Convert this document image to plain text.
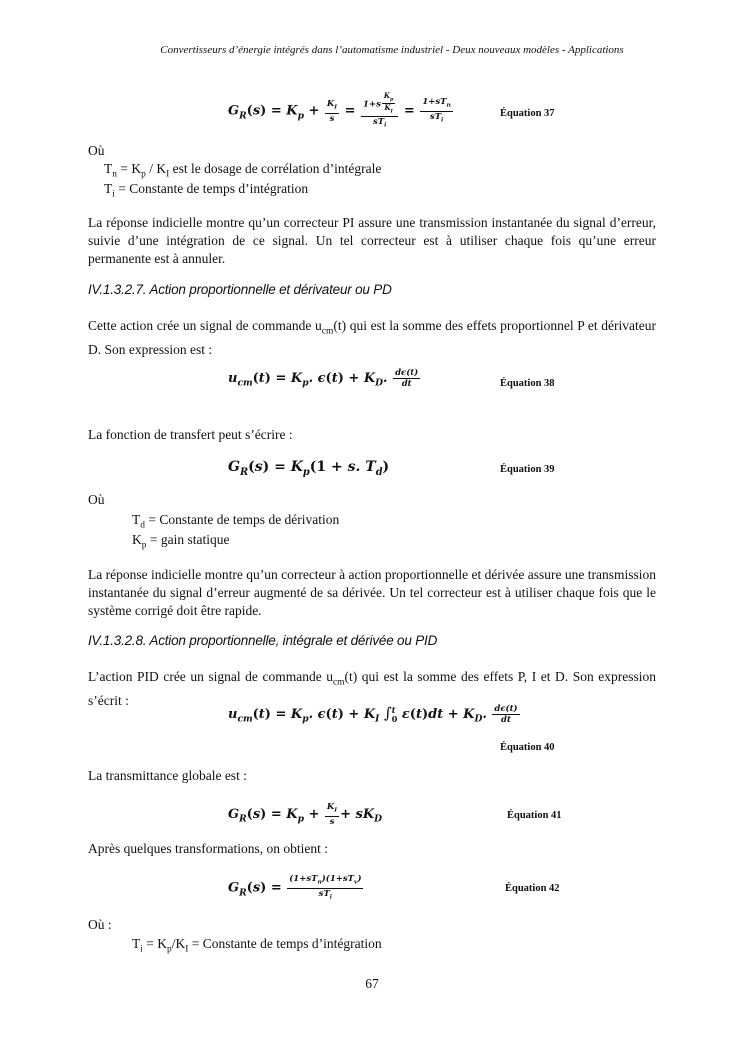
Convertisseurs d’énergie intégrés dans l’automatisme industriel - Deux nouveaux modèles - Applications
$G_R(s) = K_p + \frac{K_I}{s} = \frac{1+s \frac{K_p}{K_I}}{sT_i} = \frac{1+sT_n}{sT_i}$	Équation 37
Où
$T_n = K_p / K_I$ est le dosage de corrélation d’intégrale
$T_i$ = Constante de temps d’intégration
La réponse indicielle montre qu’un correcteur PI assure une transmission instantanée du signal d’erreur, suivie d’une intégration de ce signal. Un tel correcteur est à utiliser chaque fois qu’une erreur permanente est à annuler.
IV.1.3.2.7. Action proportionnelle et dérivateur ou PD
Cette action crée un signal de commande $u_{cm}(t)$ qui est la somme des effets proportionnel P et dérivateur D. Son expression est :
$u_{cm}(t) = K_p$. $\epsilon(t) + K_D$. $\frac{d\epsilon(t)}{dt}$	Équation 38
La fonction de transfert peut s’écrire :
$G_R(s) = K_p(1 + s$. $T_d$)	Équation 39
Où
$T_d$ = Constante de temps de dérivation
$K_p$ = gain statique
La réponse indicielle montre qu’un correcteur à action proportionnelle et dérivée assure une transmission instantanée du signal d’erreur augmenté de sa dérivée. Un tel correcteur est à utiliser chaque fois que le système corrigé doit être rapide.
IV.1.3.2.8. Action proportionnelle, intégrale et dérivée ou PID
L’action PID crée un signal de commande $u_{cm}(t)$ qui est la somme des effets P, I et D. Son expression s’écrit :
$u_{cm}(t) = K_p$. $\epsilon(t) + K_I$ ∫ t
0 $\varepsilon(t)dt + K_D$. $\frac{d\epsilon(t)}{dt}$
Équation 40
La transmittance globale est :
$G_R(s) = K_p + \frac{K_I}{s} + sK_D$	Équation 41
Après quelques transformations, on obtient :
$G_R(s) = \frac{(1+sT_n)(1+sT_v)}{sT_i}$	Équation 42
Où :
$T_i = K_p/K_I$ = Constante de temps d’intégration
67
